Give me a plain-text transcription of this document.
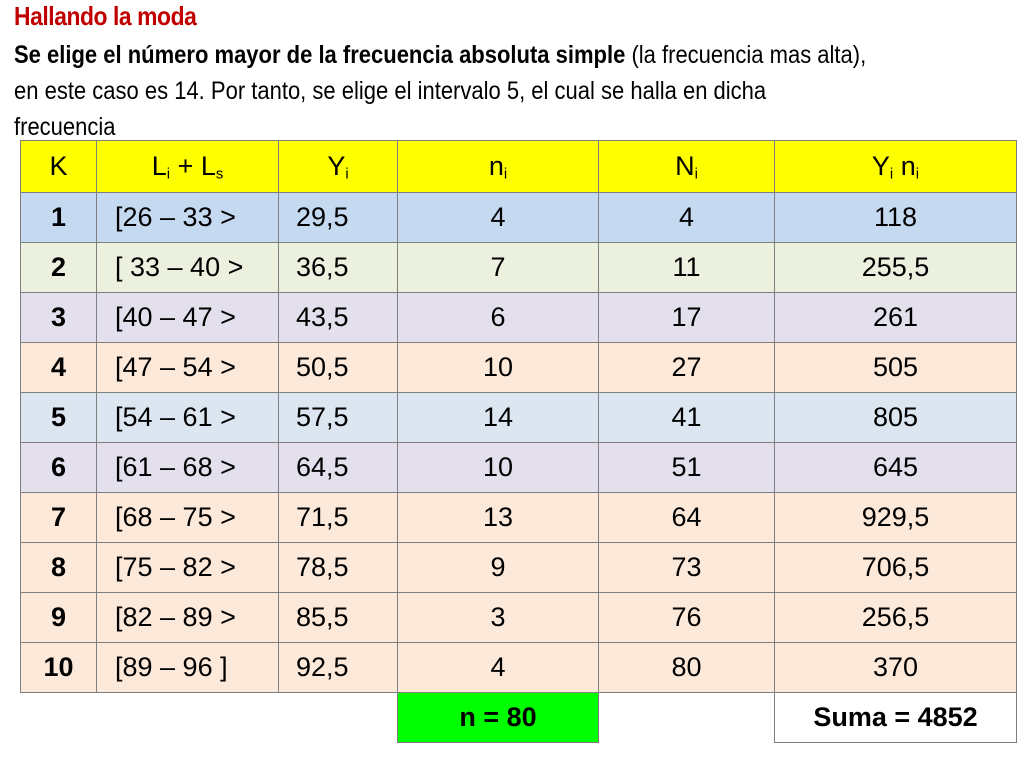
Hallando la moda

Se elige el número mayor de la frecuencia absoluta simple (la frecuencia mas alta),
en este caso es 14. Por tanto, se elige el intervalo 5, el cual se halla en dicha
frecuencia

K	$L_i + L_s$	$Y_i$	$n_i$	$N_i$	$Y_i$ $n_i$
1	[26 – 33 >	29,5	4	4	118
2	[ 33 – 40 >	36,5	7	11	255,5
3	[40 – 47 >	43,5	6	17	261
4	[47 – 54 >	50,5	10	27	505
5	[54 – 61 >	57,5	14	41	805
6	[61 – 68 >	64,5	10	51	645
7	[68 – 75 >	71,5	13	64	929,5
8	[75 – 82 >	78,5	9	73	706,5
9	[82 – 89 >	85,5	3	76	256,5
10	[89 – 96 ]	92,5	4	80	370
			n = 80		Suma = 4852
